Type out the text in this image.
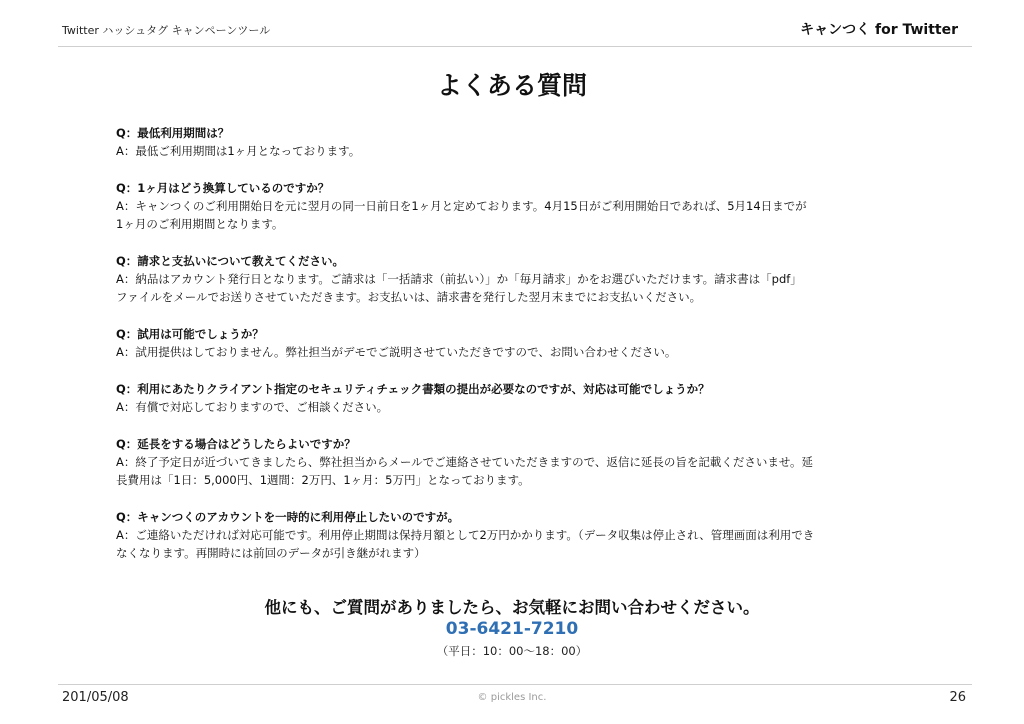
Twitter ハッシュタグ キャンペーンツール	キャンつく for Twitter
よくある質問
Q：最低利用期間は？
A：最低ご利用期間は1ヶ月となっております。
Q：1ヶ月はどう換算しているのですか？
A：キャンつくのご利用開始日を元に翌月の同一日前日を1ヶ月と定めております。4月15日がご利用開始日であれば、5月14日までが
1ヶ月のご利用期間となります。
Q：請求と支払いについて教えてください。
A：納品はアカウント発行日となります。ご請求は「一括請求（前払い）」か「毎月請求」かをお選びいただけます。請求書は「pdf」
ファイルをメールでお送りさせていただきます。お支払いは、請求書を発行した翌月末までにお支払いください。
Q：試用は可能でしょうか？
A：試用提供はしておりません。弊社担当がデモでご説明させていただきですので、お問い合わせください。
Q：利用にあたりクライアント指定のセキュリティチェック書類の提出が必要なのですが、対応は可能でしょうか？
A：有償で対応しておりますので、ご相談ください。
Q：延長をする場合はどうしたらよいですか？
A：終了予定日が近づいてきましたら、弊社担当からメールでご連絡させていただきますので、返信に延長の旨を記載くださいませ。延
長費用は「1日：5,000円、1週間：2万円、1ヶ月：5万円」となっております。
Q：キャンつくのアカウントを一時的に利用停止したいのですが。
A：ご連絡いただければ対応可能です。利用停止期間は保持月額として2万円かかります。（データ収集は停止され、管理画面は利用でき
なくなります。再開時には前回のデータが引き継がれます）
他にも、ご質問がありましたら、お気軽にお問い合わせください。
03-6421-7210
（平日：10：00〜18：00）
201/05/08	© pickles Inc.	26
